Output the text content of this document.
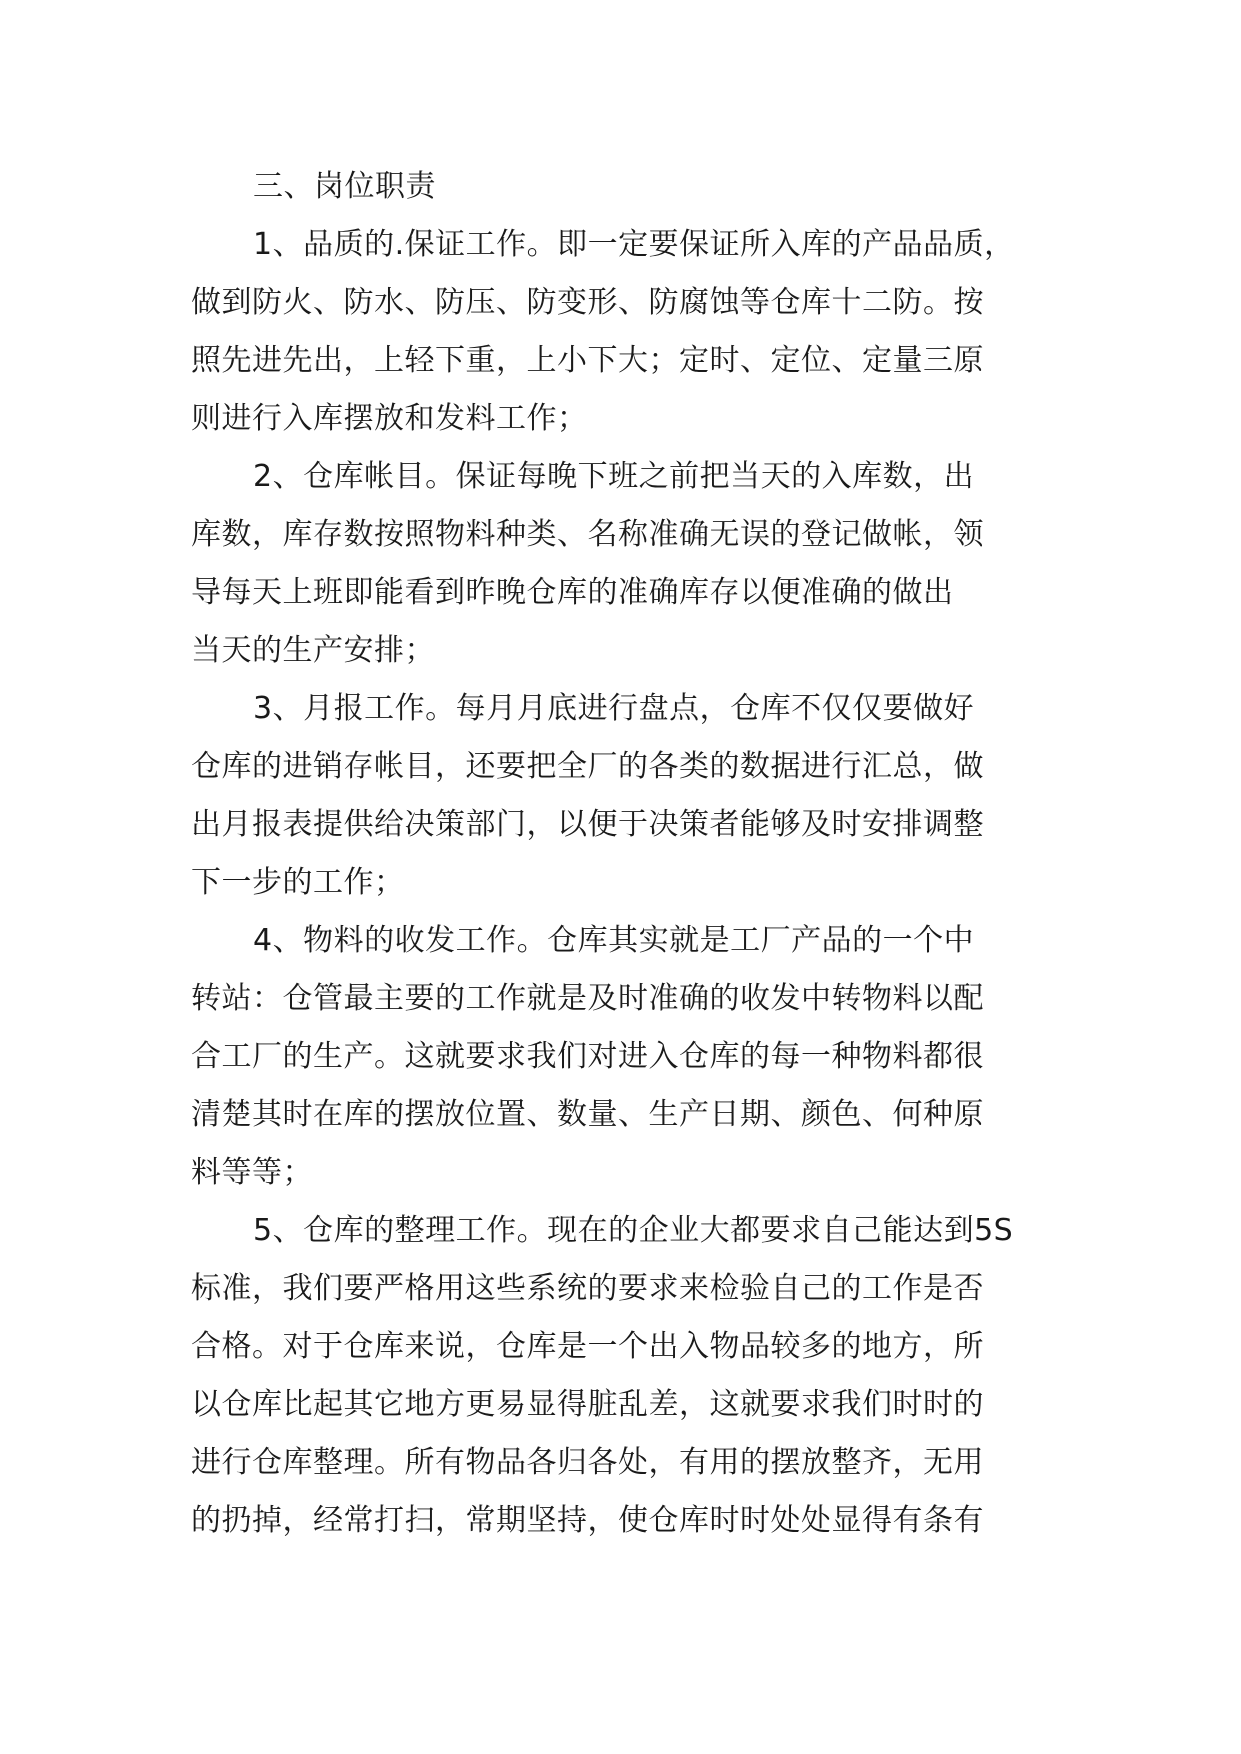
三、岗位职责
1、品质的.保证工作。即一定要保证所入库的产品品质，
做到防火、防水、防压、防变形、防腐蚀等仓库十二防。按
照先进先出，上轻下重，上小下大；定时、定位、定量三原
则进行入库摆放和发料工作；
2、仓库帐目。保证每晚下班之前把当天的入库数，出
库数，库存数按照物料种类、名称准确无误的登记做帐，领
导每天上班即能看到昨晚仓库的准确库存以便准确的做出
当天的生产安排；
3、月报工作。每月月底进行盘点，仓库不仅仅要做好
仓库的进销存帐目，还要把全厂的各类的数据进行汇总，做
出月报表提供给决策部门，以便于决策者能够及时安排调整
下一步的工作；
4、物料的收发工作。仓库其实就是工厂产品的一个中
转站：仓管最主要的工作就是及时准确的收发中转物料以配
合工厂的生产。这就要求我们对进入仓库的每一种物料都很
清楚其时在库的摆放位置、数量、生产日期、颜色、何种原
料等等；
5、仓库的整理工作。现在的企业大都要求自己能达到5S
标准，我们要严格用这些系统的要求来检验自己的工作是否
合格。对于仓库来说，仓库是一个出入物品较多的地方，所
以仓库比起其它地方更易显得脏乱差，这就要求我们时时的
进行仓库整理。所有物品各归各处，有用的摆放整齐，无用
的扔掉，经常打扫，常期坚持，使仓库时时处处显得有条有
